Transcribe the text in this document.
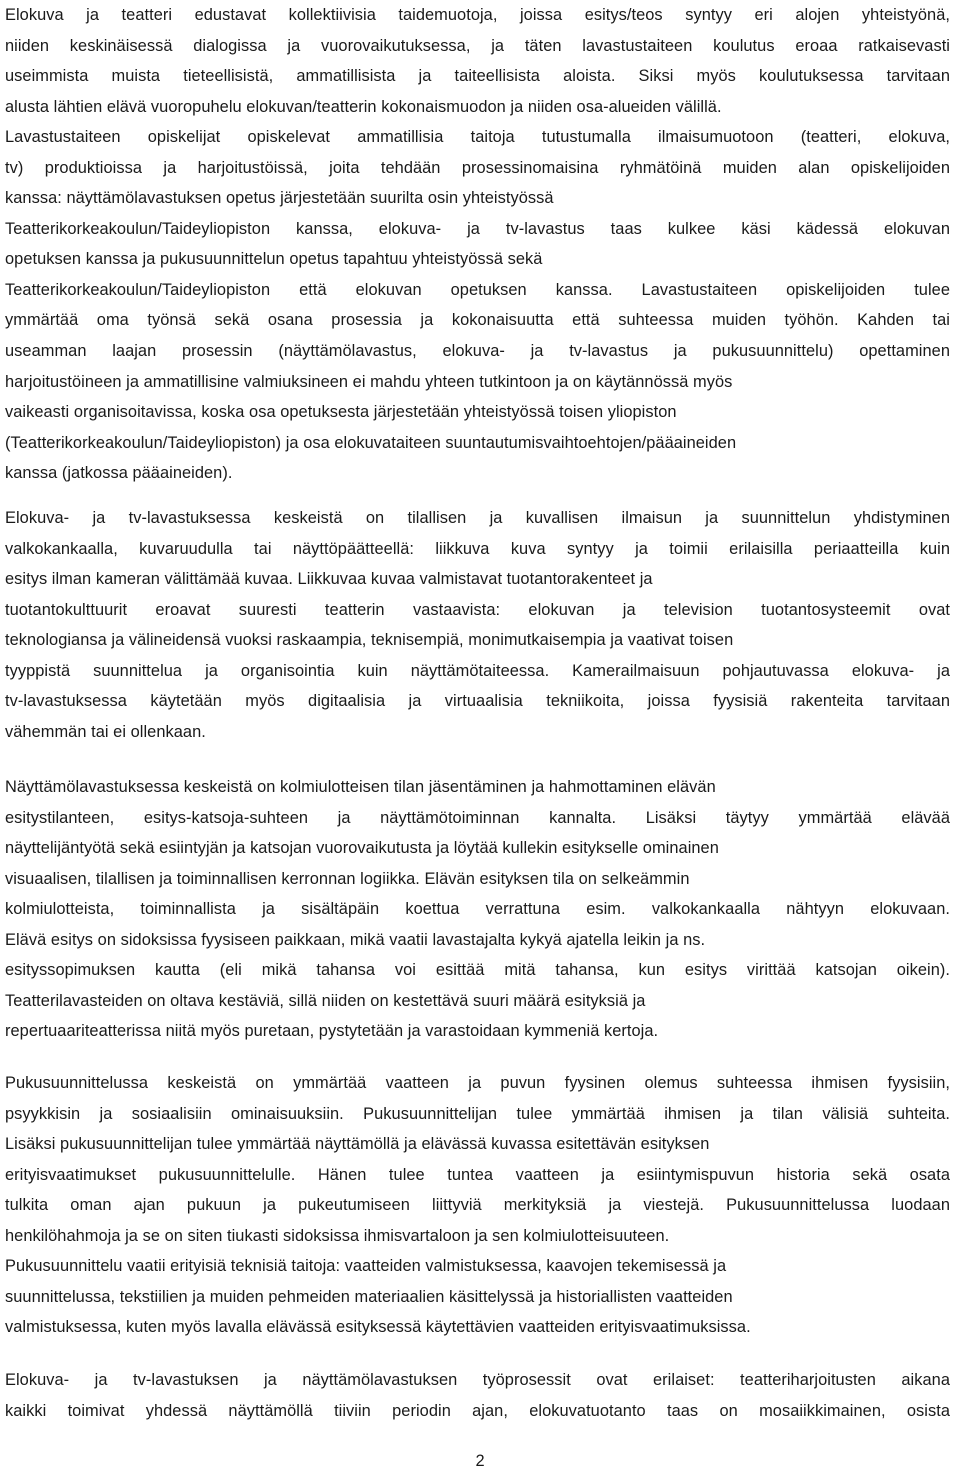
Elokuva ja teatteri edustavat kollektiivisia taidemuotoja, joissa esitys/teos syntyy eri alojen yhteistyönä,
niiden keskinäisessä dialogissa ja vuorovaikutuksessa, ja täten lavastustaiteen koulutus eroaa ratkaisevasti
useimmista muista tieteellisistä, ammatillisista ja taiteellisista aloista. Siksi myös koulutuksessa tarvitaan
alusta lähtien elävä vuoropuhelu elokuvan/teatterin kokonaismuodon ja niiden osa-alueiden välillä.
Lavastustaiteen opiskelijat opiskelevat ammatillisia taitoja tutustumalla ilmaisumuotoon (teatteri, elokuva,
tv) produktioissa ja harjoitustöissä, joita tehdään prosessinomaisina ryhmätöinä muiden alan opiskelijoiden
kanssa: näyttämölavastuksen opetus järjestetään suurilta osin yhteistyössä
Teatterikorkeakoulun/Taideyliopiston kanssa, elokuva- ja tv-lavastus taas kulkee käsi kädessä elokuvan
opetuksen kanssa ja pukusuunnittelun opetus tapahtuu yhteistyössä sekä
Teatterikorkeakoulun/Taideyliopiston että elokuvan opetuksen kanssa. Lavastustaiteen opiskelijoiden tulee
ymmärtää oma työnsä sekä osana prosessia ja kokonaisuutta että suhteessa muiden työhön. Kahden tai
useamman laajan prosessin (näyttämölavastus, elokuva- ja tv-lavastus ja pukusuunnittelu) opettaminen
harjoitustöineen ja ammatillisine valmiuksineen ei mahdu yhteen tutkintoon ja on käytännössä myös
vaikeasti organisoitavissa, koska osa opetuksesta järjestetään yhteistyössä toisen yliopiston
(Teatterikorkeakoulun/Taideyliopiston) ja osa elokuvataiteen suuntautumisvaihtoehtojen/pääaineiden
kanssa (jatkossa pääaineiden).
Elokuva- ja tv-lavastuksessa keskeistä on tilallisen ja kuvallisen ilmaisun ja suunnittelun yhdistyminen
valkokankaalla, kuvaruudulla tai näyttöpäätteellä: liikkuva kuva syntyy ja toimii erilaisilla periaatteilla kuin
esitys ilman kameran välittämää kuvaa. Liikkuvaa kuvaa valmistavat tuotantorakenteet ja
tuotantokulttuurit eroavat suuresti teatterin vastaavista: elokuvan ja television tuotantosysteemit ovat
teknologiansa ja välineidensä vuoksi raskaampia, teknisempiä, monimutkaisempia ja vaativat toisen
tyyppistä suunnittelua ja organisointia kuin näyttämötaiteessa. Kamerailmaisuun pohjautuvassa elokuva- ja
tv-lavastuksessa käytetään myös digitaalisia ja virtuaalisia tekniikoita, joissa fyysisiä rakenteita tarvitaan
vähemmän tai ei ollenkaan.
Näyttämölavastuksessa keskeistä on kolmiulotteisen tilan jäsentäminen ja hahmottaminen elävän
esitystilanteen, esitys-katsoja-suhteen ja näyttämötoiminnan kannalta. Lisäksi täytyy ymmärtää elävää
näyttelijäntyötä sekä esiintyjän ja katsojan vuorovaikutusta ja löytää kullekin esitykselle ominainen
visuaalisen, tilallisen ja toiminnallisen kerronnan logiikka. Elävän esityksen tila on selkeämmin
kolmiulotteista, toiminnallista ja sisältäpäin koettua verrattuna esim. valkokankaalla nähtyyn elokuvaan.
Elävä esitys on sidoksissa fyysiseen paikkaan, mikä vaatii lavastajalta kykyä ajatella leikin ja ns.
esityssopimuksen kautta (eli mikä tahansa voi esittää mitä tahansa, kun esitys virittää katsojan oikein).
Teatterilavasteiden on oltava kestäviä, sillä niiden on kestettävä suuri määrä esityksiä ja
repertuaariteatterissa niitä myös puretaan, pystytetään ja varastoidaan kymmeniä kertoja.
Pukusuunnittelussa keskeistä on ymmärtää vaatteen ja puvun fyysinen olemus suhteessa ihmisen fyysisiin,
psyykkisin ja sosiaalisiin ominaisuuksiin. Pukusuunnittelijan tulee ymmärtää ihmisen ja tilan välisiä suhteita.
Lisäksi pukusuunnittelijan tulee ymmärtää näyttämöllä ja elävässä kuvassa esitettävän esityksen
erityisvaatimukset pukusuunnittelulle. Hänen tulee tuntea vaatteen ja esiintymispuvun historia sekä osata
tulkita oman ajan pukuun ja pukeutumiseen liittyviä merkityksiä ja viestejä. Pukusuunnittelussa luodaan
henkilöhahmoja ja se on siten tiukasti sidoksissa ihmisvartaloon ja sen kolmiulotteisuuteen.
Pukusuunnittelu vaatii erityisiä teknisiä taitoja: vaatteiden valmistuksessa, kaavojen tekemisessä ja
suunnittelussa, tekstiilien ja muiden pehmeiden materiaalien käsittelyssä ja historiallisten vaatteiden
valmistuksessa, kuten myös lavalla elävässä esityksessä käytettävien vaatteiden erityisvaatimuksissa.
Elokuva- ja tv-lavastuksen ja näyttämölavastuksen työprosessit ovat erilaiset: teatteriharjoitusten aikana
kaikki toimivat yhdessä näyttämöllä tiiviin periodin ajan, elokuvatuotanto taas on mosaiikkimainen, osista
2
